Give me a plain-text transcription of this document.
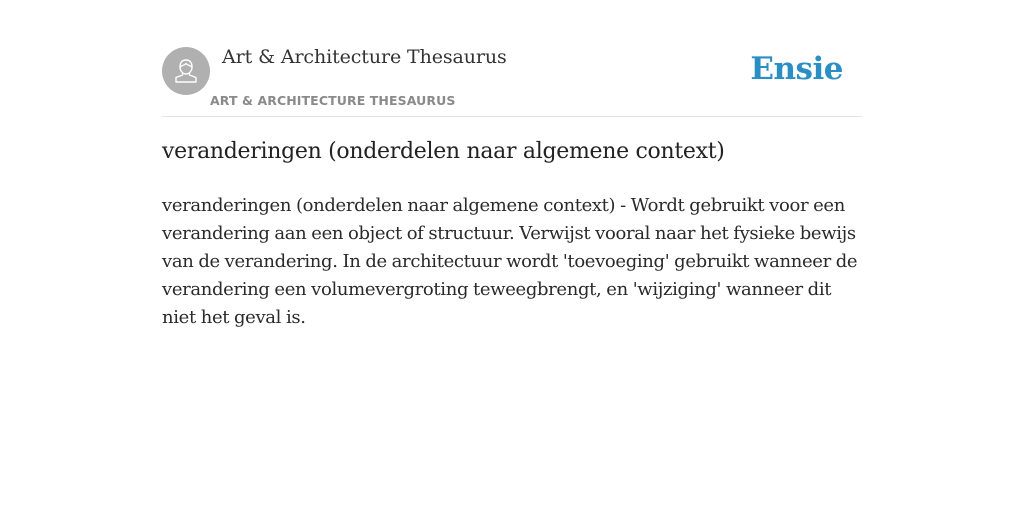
Art & Architecture Thesaurus
ART & ARCHITECTURE THESAURUS
Ensie
veranderingen (onderdelen naar algemene context)

veranderingen (onderdelen naar algemene context) - Wordt gebruikt voor een verandering aan een object of structuur. Verwijst vooral naar het fysieke bewijs van de verandering. In de architectuur wordt 'toevoeging' gebruikt wanneer de verandering een volumevergroting teweegbrengt, en 'wijziging' wanneer dit niet het geval is.
